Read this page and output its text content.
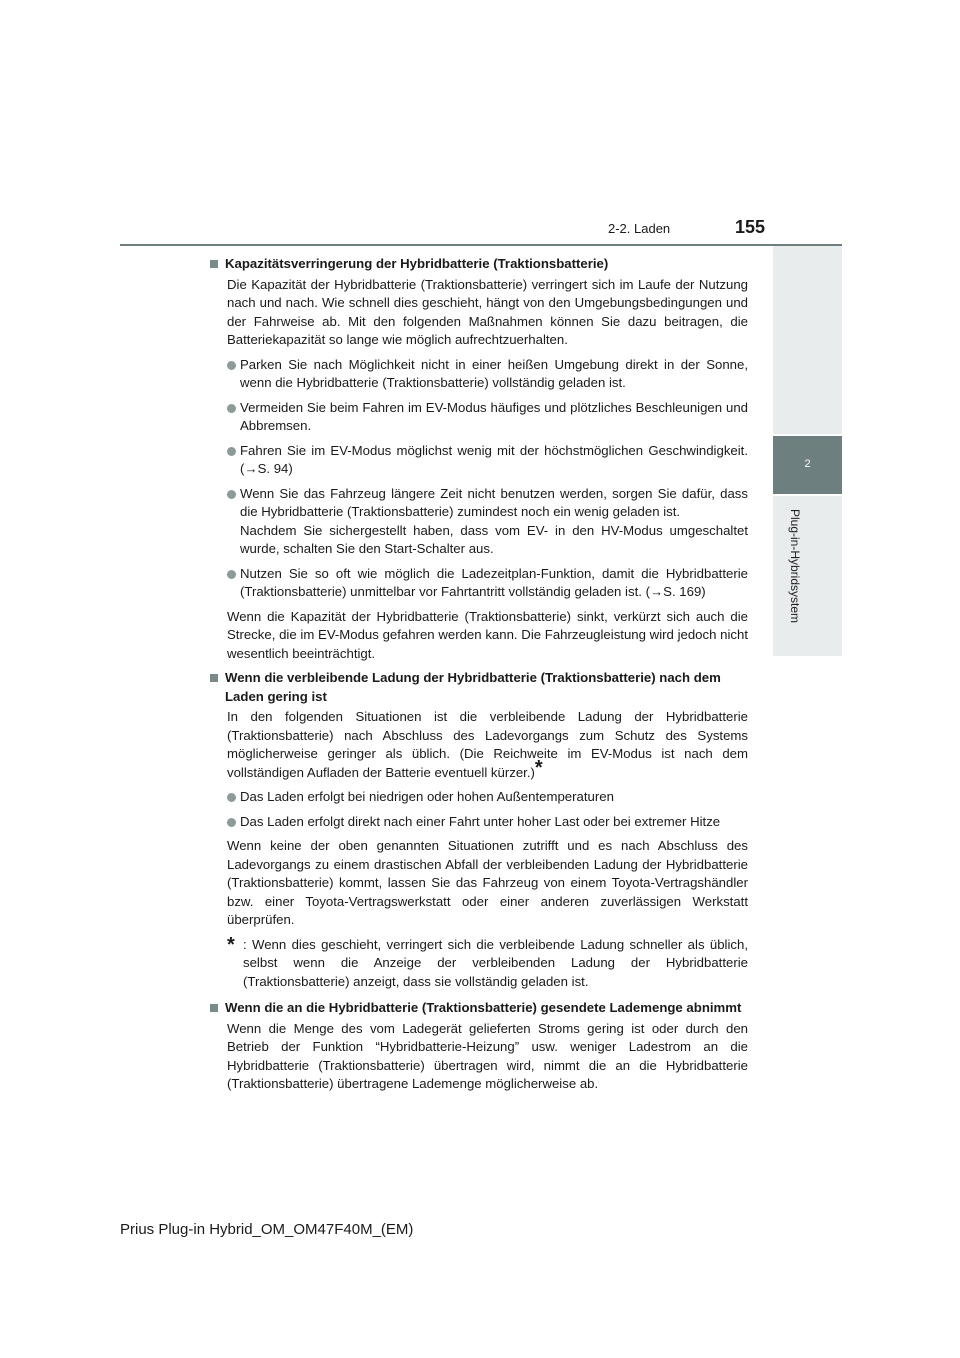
2-2. Laden	155
2
Plug-in-Hybridsystem
Kapazitätsverringerung der Hybridbatterie (Traktionsbatterie)
Die Kapazität der Hybridbatterie (Traktionsbatterie) verringert sich im Laufe der Nutzung nach und nach. Wie schnell dies geschieht, hängt von den Umgebungsbedingungen und der Fahrweise ab. Mit den folgenden Maßnahmen können Sie dazu beitragen, die Batteriekapazität so lange wie möglich aufrechtzuerhalten.
Parken Sie nach Möglichkeit nicht in einer heißen Umgebung direkt in der Sonne, wenn die Hybridbatterie (Traktionsbatterie) vollständig geladen ist.
Vermeiden Sie beim Fahren im EV-Modus häufiges und plötzliches Beschleunigen und Abbremsen.
Fahren Sie im EV-Modus möglichst wenig mit der höchstmöglichen Geschwindigkeit. (→S. 94)
Wenn Sie das Fahrzeug längere Zeit nicht benutzen werden, sorgen Sie dafür, dass die Hybridbatterie (Traktionsbatterie) zumindest noch ein wenig geladen ist.
Nachdem Sie sichergestellt haben, dass vom EV- in den HV-Modus umgeschaltet wurde, schalten Sie den Start-Schalter aus.
Nutzen Sie so oft wie möglich die Ladezeitplan-Funktion, damit die Hybridbatterie (Traktionsbatterie) unmittelbar vor Fahrtantritt vollständig geladen ist. (→S. 169)
Wenn die Kapazität der Hybridbatterie (Traktionsbatterie) sinkt, verkürzt sich auch die Strecke, die im EV-Modus gefahren werden kann. Die Fahrzeugleistung wird jedoch nicht wesentlich beeinträchtigt.
Wenn die verbleibende Ladung der Hybridbatterie (Traktionsbatterie) nach dem Laden gering ist
In den folgenden Situationen ist die verbleibende Ladung der Hybridbatterie (Traktionsbatterie) nach Abschluss des Ladevorgangs zum Schutz des Systems möglicherweise geringer als üblich. (Die Reichweite im EV-Modus ist nach dem vollständigen Aufladen der Batterie eventuell kürzer.)*
Das Laden erfolgt bei niedrigen oder hohen Außentemperaturen
Das Laden erfolgt direkt nach einer Fahrt unter hoher Last oder bei extremer Hitze
Wenn keine der oben genannten Situationen zutrifft und es nach Abschluss des Ladevorgangs zu einem drastischen Abfall der verbleibenden Ladung der Hybridbatterie (Traktionsbatterie) kommt, lassen Sie das Fahrzeug von einem Toyota-Vertragshändler bzw. einer Toyota-Vertragswerkstatt oder einer anderen zuverlässigen Werkstatt überprüfen.
* : Wenn dies geschieht, verringert sich die verbleibende Ladung schneller als üblich, selbst wenn die Anzeige der verbleibenden Ladung der Hybridbatterie (Traktionsbatterie) anzeigt, dass sie vollständig geladen ist.
Wenn die an die Hybridbatterie (Traktionsbatterie) gesendete Lademenge abnimmt
Wenn die Menge des vom Ladegerät gelieferten Stroms gering ist oder durch den Betrieb der Funktion “Hybridbatterie-Heizung” usw. weniger Ladestrom an die Hybridbatterie (Traktionsbatterie) übertragen wird, nimmt die an die Hybridbatterie (Traktionsbatterie) übertragene Lademenge möglicherweise ab.
Prius Plug-in Hybrid_OM_OM47F40M_(EM)
